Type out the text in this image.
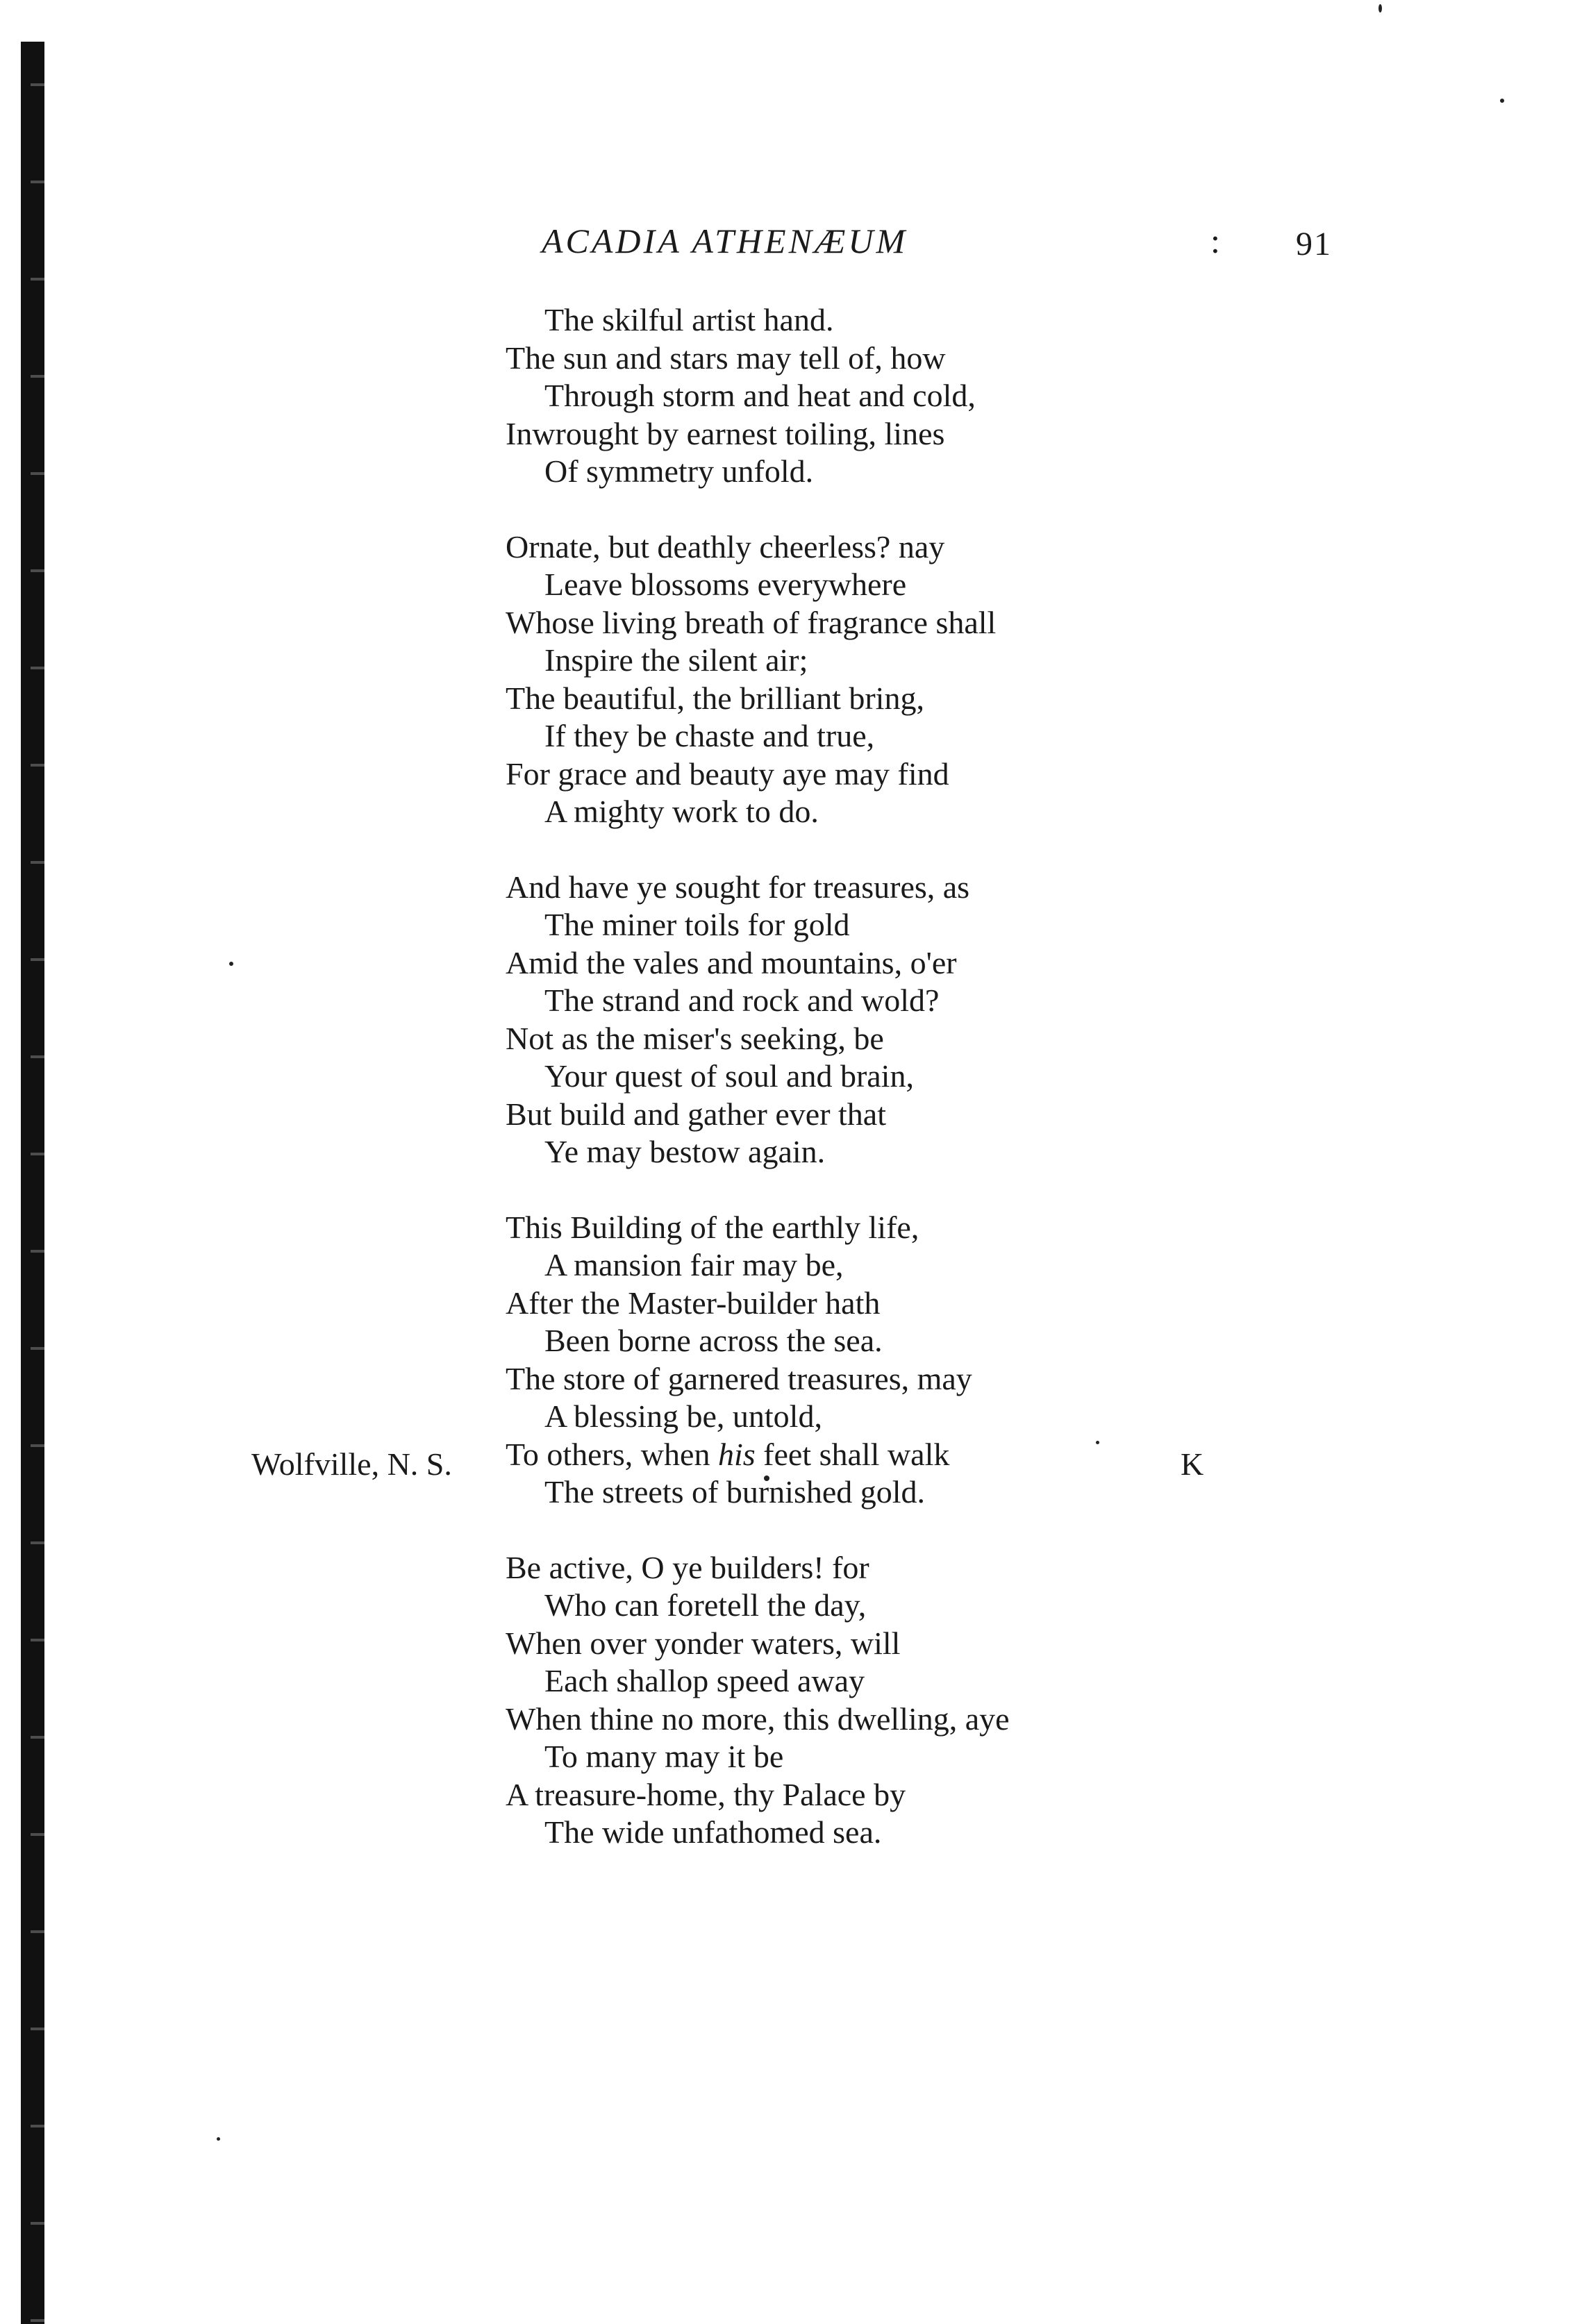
ACADIA ATHENÆUM	: 91
The skilful artist hand.
The sun and stars may tell of, how
Through storm and heat and cold,
Inwrought by earnest toiling, lines
Of symmetry unfold.
Ornate, but deathly cheerless? nay
Leave blossoms everywhere
Whose living breath of fragrance shall
Inspire the silent air;
The beautiful, the brilliant bring,
If they be chaste and true,
For grace and beauty aye may find
A mighty work to do.
And have ye sought for treasures, as
The miner toils for gold
Amid the vales and mountains, o'er
The strand and rock and wold?
Not as the miser's seeking, be
Your quest of soul and brain,
But build and gather ever that
Ye may bestow again.
This Building of the earthly life,
A mansion fair may be,
After the Master-builder hath
Been borne across the sea.
The store of garnered treasures, may
A blessing be, untold,
To others, when his feet shall walk
The streets of burnished gold.
Be active, O ye builders! for
Who can foretell the day,
When over yonder waters, will
Each shallop speed away
When thine no more, this dwelling, aye
To many may it be
A treasure-home, thy Palace by
The wide unfathomed sea.
Wolfville, N. S.	K
